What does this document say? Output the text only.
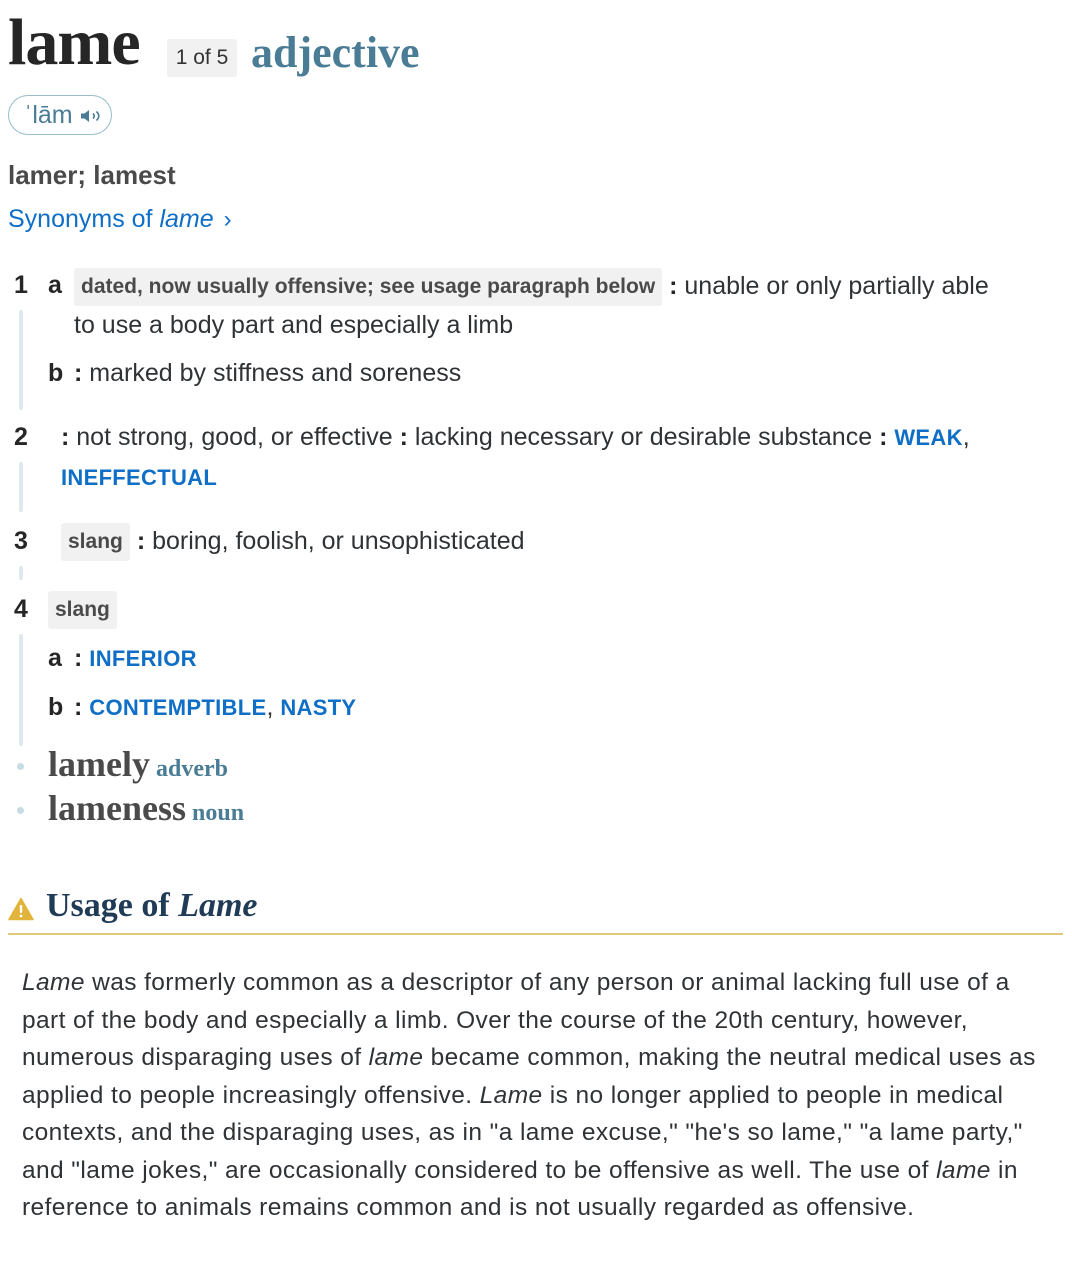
lame	1 of 5 adjective
ˈlām
lamer; lamest
Synonyms of lame ›
1 a dated, now usually offensive; see usage paragraph below : unable or only partially able
to use a body part and especially a limb
b : marked by stiffness and soreness
2 : not strong, good, or effective : lacking necessary or desirable substance : WEAK,
INEFFECTUAL
3	slang : boring, foolish, or unsophisticated
4	slang
a : INFERIOR
b : CONTEMPTIBLE, NASTY
lamely adverb
lameness noun
Usage of Lame
Lame was formerly common as a descriptor of any person or animal lacking full use of a part of the body and especially a limb. Over the course of the 20th century, however, numerous disparaging uses of lame became common, making the neutral medical uses as applied to people increasingly offensive. Lame is no longer applied to people in medical contexts, and the disparaging uses, as in "a lame excuse," "he's so lame," "a lame party," and "lame jokes," are occasionally considered to be offensive as well. The use of lame in reference to animals remains common and is not usually regarded as offensive.
